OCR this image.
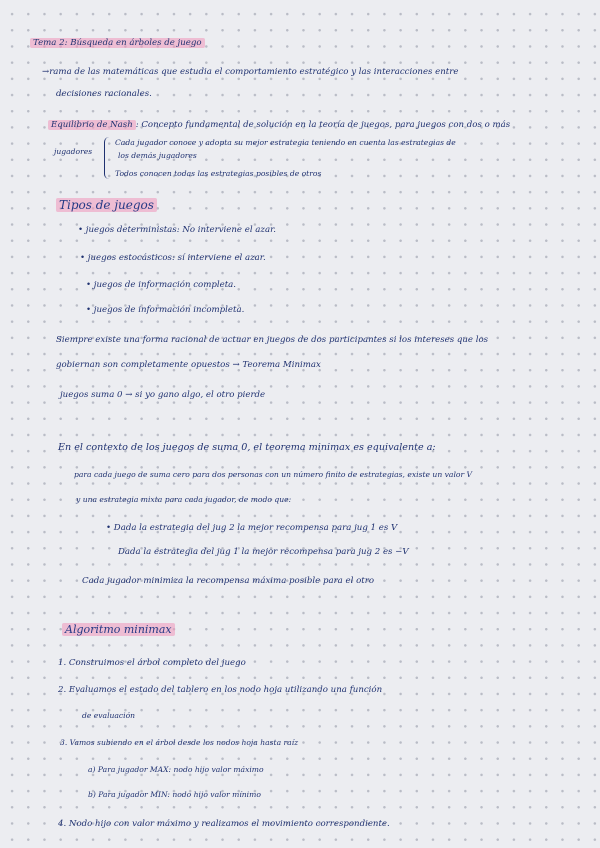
Tema 2: Búsqueda en árboles de juego
→rama de las matemáticas que estudia el comportamiento estratégico y las interacciones entre
decisiones racionales.
Equilibrio de Nash : Concepto fundamental de solución en la teoría de juegos, para juegos con dos o más
jugadores
Cada jugador conoce y adopta su mejor estrategia teniendo en cuenta las estrategias de
los demás jugadores
Todos conocen todas las estrategias posibles de otros
Tipos de juegos
• juegos deterministas: No interviene el azar.
• juegos estocásticos: sí interviene el azar.
• juegos de información completa.
• juegos de información incompleta.
Siempre existe una forma racional de actuar en juegos de dos participantes si los intereses que los
gobiernan son completamente opuestos → Teorema Minimax
juegos suma 0 → si yo gano algo, el otro pierde
En el contexto de los juegos de suma 0, el teorema minimax es equivalente a:
para cada juego de suma cero para dos personas con un número finito de estrategias, existe un valor V
y una estrategia mixta para cada jugador, de modo que:
• Dada la estrategia del jug 2 la mejor recompensa para jug 1 es V
Dada la estrategia del jug 1 la mejor recompensa para jug 2 es −V
Cada jugador minimiza la recompensa máxima posible para el otro
Algoritmo minimax
1. Construimos el árbol completo del juego
2. Evaluamos el estado del tablero en los nodo hoja utilizando una función
de evaluación
3. Vamos subiendo en el árbol desde los nodos hoja hasta raíz
a) Para jugador MAX: nodo hijo valor máximo
b) Para jugador MIN: nodo hijo valor mínimo
4. Nodo hijo con valor máximo y realizamos el movimiento correspondiente.
